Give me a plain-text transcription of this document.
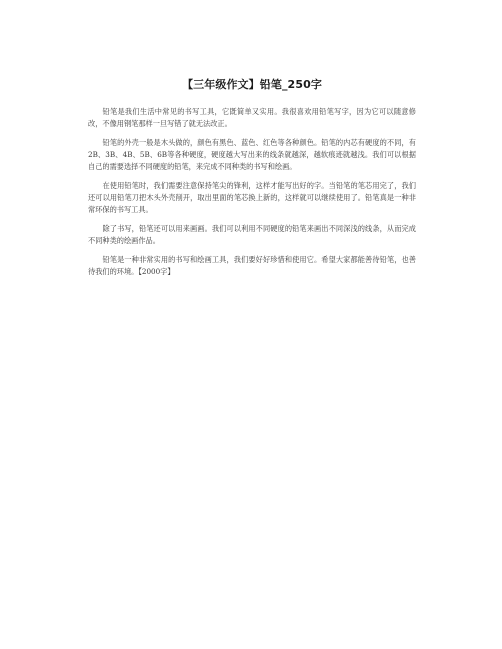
【三年级作文】铅笔_250字

铅笔是我们生活中常见的书写工具，它既简单又实用。我很喜欢用铅笔写字，因为它可以随意修改，不像用钢笔那样一旦写错了就无法改正。

铅笔的外壳一般是木头做的，颜色有黑色、蓝色、红色等各种颜色。铅笔的内芯有硬度的不同，有2B、3B、4B、5B、6B等各种硬度，硬度越大写出来的线条就越深，越软痕迹就越浅。我们可以根据自己的需要选择不同硬度的铅笔，来完成不同种类的书写和绘画。

在使用铅笔时，我们需要注意保持笔尖的锋利，这样才能写出好的字。当铅笔的笔芯用完了，我们还可以用铅笔刀把木头外壳削开，取出里面的笔芯换上新的，这样就可以继续使用了。铅笔真是一种非常环保的书写工具。

除了书写，铅笔还可以用来画画。我们可以利用不同硬度的铅笔来画出不同深浅的线条，从而完成不同种类的绘画作品。

铅笔是一种非常实用的书写和绘画工具，我们要好好珍惜和使用它。希望大家都能善待铅笔，也善待我们的环境。【2000字】
